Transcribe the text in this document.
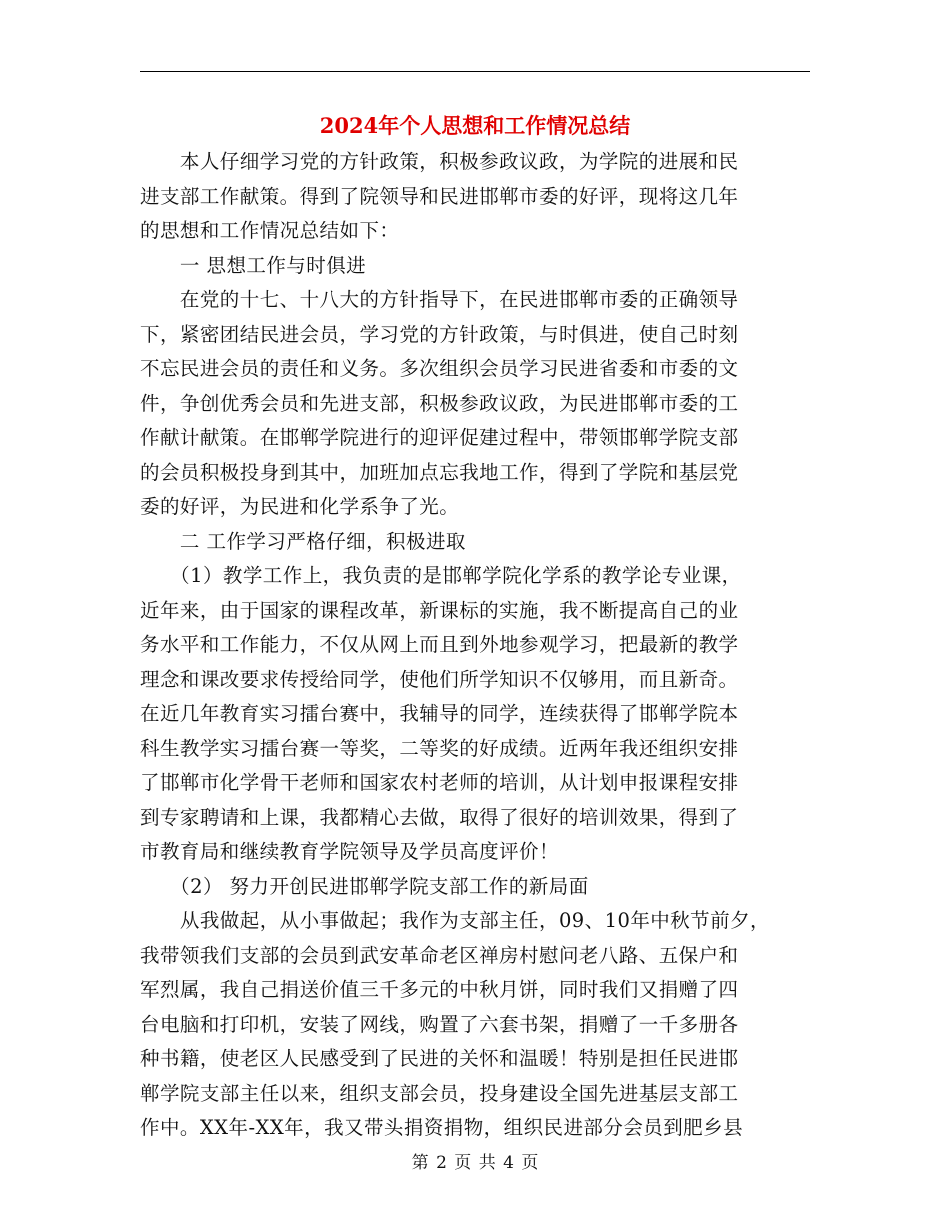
2024年个人思想和工作情况总结
　　本人仔细学习党的方针政策，积极参政议政，为学院的进展和民
进支部工作献策。得到了院领导和民进邯郸市委的好评，现将这几年
的思想和工作情况总结如下：
　　一 思想工作与时俱进
　　在党的十七、十八大的方针指导下，在民进邯郸市委的正确领导
下，紧密团结民进会员，学习党的方针政策，与时俱进，使自己时刻
不忘民进会员的责任和义务。多次组织会员学习民进省委和市委的文
件，争创优秀会员和先进支部，积极参政议政，为民进邯郸市委的工
作献计献策。在邯郸学院进行的迎评促建过程中，带领邯郸学院支部
的会员积极投身到其中，加班加点忘我地工作，得到了学院和基层党
委的好评，为民进和化学系争了光。
　　二 工作学习严格仔细，积极进取
　　（1）教学工作上，我负责的是邯郸学院化学系的教学论专业课，
近年来，由于国家的课程改革，新课标的实施，我不断提高自己的业
务水平和工作能力，不仅从网上而且到外地参观学习，把最新的教学
理念和课改要求传授给同学，使他们所学知识不仅够用，而且新奇。
在近几年教育实习擂台赛中，我辅导的同学，连续获得了邯郸学院本
科生教学实习擂台赛一等奖，二等奖的好成绩。近两年我还组织安排
了邯郸市化学骨干老师和国家农村老师的培训，从计划申报课程安排
到专家聘请和上课，我都精心去做，取得了很好的培训效果，得到了
市教育局和继续教育学院领导及学员高度评价！
　　（2） 努力开创民进邯郸学院支部工作的新局面
　　从我做起，从小事做起；我作为支部主任，09、10年中秋节前夕，
我带领我们支部的会员到武安革命老区禅房村慰问老八路、五保户和
军烈属，我自己捐送价值三千多元的中秋月饼，同时我们又捐赠了四
台电脑和打印机，安装了网线，购置了六套书架，捐赠了一千多册各
种书籍，使老区人民感受到了民进的关怀和温暖！特别是担任民进邯
郸学院支部主任以来，组织支部会员，投身建设全国先进基层支部工
作中。XX年-XX年，我又带头捐资捐物，组织民进部分会员到肥乡县
第 2 页 共 4 页
